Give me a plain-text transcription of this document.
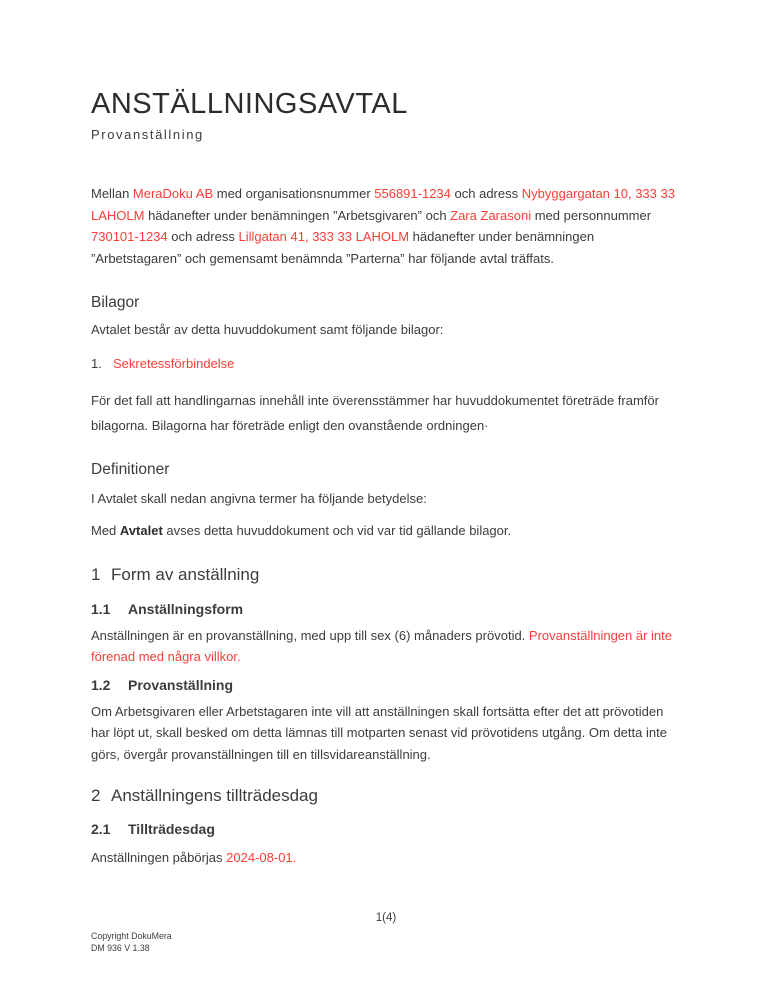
ANSTÄLLNINGSAVTAL
Provanställning

Mellan MeraDoku AB med organisationsnummer 556891-1234 och adress Nybyggargatan 10, 333 33 LAHOLM hädanefter under benämningen ”Arbetsgivaren” och Zara Zarasoni med personnummer 730101-1234 och adress Lillgatan 41, 333 33 LAHOLM hädanefter under benämningen ”Arbetstagaren” och gemensamt benämnda ”Parterna” har följande avtal träffats.

Bilagor

Avtalet består av detta huvuddokument samt följande bilagor:

1. Sekretessförbindelse

För det fall att handlingarnas innehåll inte överensstämmer har huvuddokumentet företräde framför bilagorna. Bilagorna har företräde enligt den ovanstående ordningen·

Definitioner

I Avtalet skall nedan angivna termer ha följande betydelse:

Med Avtalet avses detta huvuddokument och vid var tid gällande bilagor.

1 Form av anställning
1.1	Anställningsform

Anställningen är en provanställning, med upp till sex (6) månaders prövotid. Provanställningen är inte förenad med några villkor.

1.2	Provanställning

Om Arbetsgivaren eller Arbetstagaren inte vill att anställningen skall fortsätta efter det att prövotiden har löpt ut, skall besked om detta lämnas till motparten senast vid prövotidens utgång. Om detta inte görs, övergår provanställningen till en tillsvidareanställning.

2 Anställningens tillträdesdag
2.1	Tillträdesdag

Anställningen påbörjas 2024-08-01.

1(4)
Copyright DokuMera
DM 936 V 1.38
